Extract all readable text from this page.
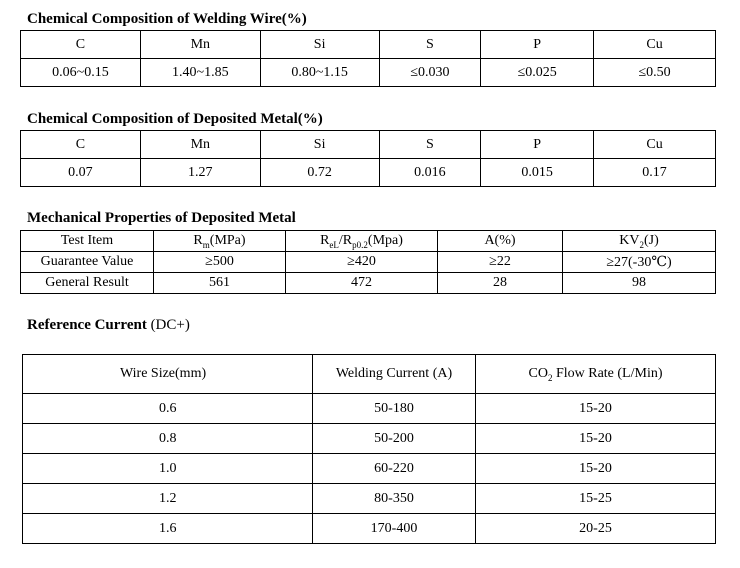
Chemical Composition of Welding Wire(%)
C	Mn	Si	S	P	Cu
0.06~0.15	1.40~1.85	0.80~1.15	≤0.030	≤0.025	≤0.50
Chemical Composition of Deposited Metal(%)
C	Mn	Si	S	P	Cu
0.07	1.27	0.72	0.016	0.015	0.17
Mechanical Properties of Deposited Metal
Test Item	$R_m(MPa)$	$R_{eL}/R_{p0.2}(Mpa)$	A(%)	$KV_2(J)$
Guarantee Value	≥500	≥420	≥22	≥27(-30℃)
General Result	561	472	28	98
Reference Current (DC+)
Wire Size(mm)	Welding Current (A)	$CO_2$ Flow Rate (L/Min)
0.6	50-180	15-20
0.8	50-200	15-20
1.0	60-220	15-20
1.2	80-350	15-25
1.6	170-400	20-25
